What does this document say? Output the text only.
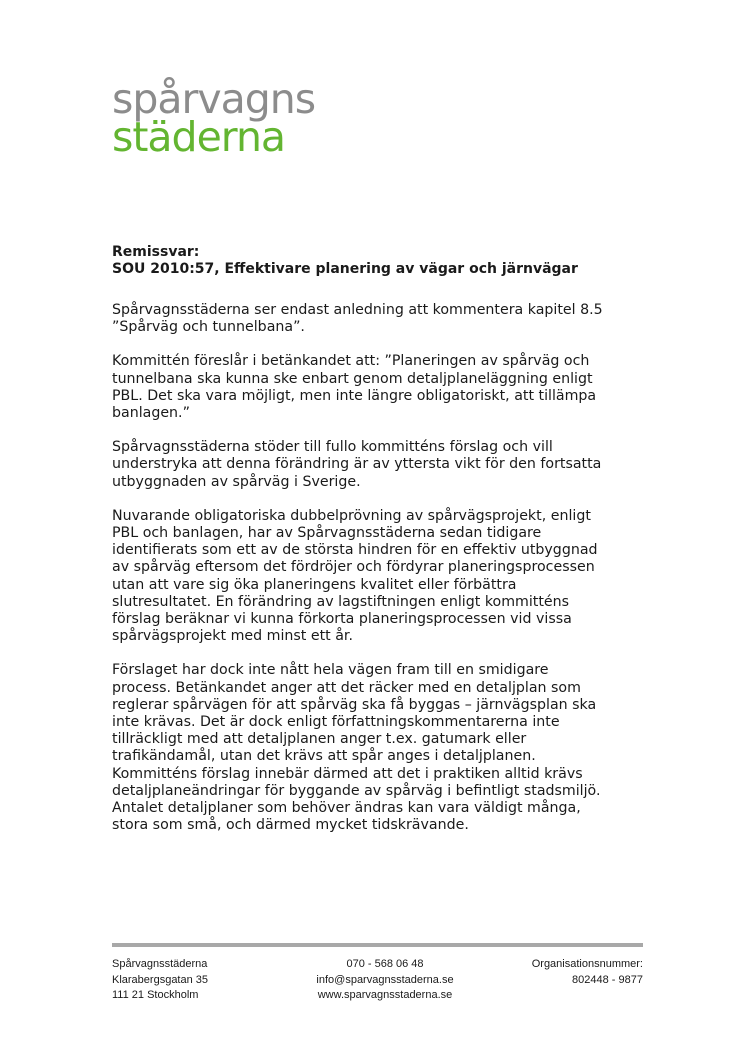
spårvagns
städerna
Remissvar:
SOU 2010:57, Effektivare planering av vägar och järnvägar

Spårvagnsstäderna ser endast anledning att kommentera kapitel 8.5
”Spårväg och tunnelbana”.

Kommittén föreslår i betänkandet att: ”Planeringen av spårväg och
tunnelbana ska kunna ske enbart genom detaljplaneläggning enligt
PBL. Det ska vara möjligt, men inte längre obligatoriskt, att tillämpa
banlagen.”

Spårvagnsstäderna stöder till fullo kommitténs förslag och vill
understryka att denna förändring är av yttersta vikt för den fortsatta
utbyggnaden av spårväg i Sverige.

Nuvarande obligatoriska dubbelprövning av spårvägsprojekt, enligt
PBL och banlagen, har av Spårvagnsstäderna sedan tidigare
identifierats som ett av de största hindren för en effektiv utbyggnad
av spårväg eftersom det fördröjer och fördyrar planeringsprocessen
utan att vare sig öka planeringens kvalitet eller förbättra
slutresultatet. En förändring av lagstiftningen enligt kommitténs
förslag beräknar vi kunna förkorta planeringsprocessen vid vissa
spårvägsprojekt med minst ett år.

Förslaget har dock inte nått hela vägen fram till en smidigare
process. Betänkandet anger att det räcker med en detaljplan som
reglerar spårvägen för att spårväg ska få byggas – järnvägsplan ska
inte krävas. Det är dock enligt författningskommentarerna inte
tillräckligt med att detaljplanen anger t.ex. gatumark eller
trafikändamål, utan det krävs att spår anges i detaljplanen.
Kommitténs förslag innebär därmed att det i praktiken alltid krävs
detaljplaneändringar för byggande av spårväg i befintligt stadsmiljö.
Antalet detaljplaner som behöver ändras kan vara väldigt många,
stora som små, och därmed mycket tidskrävande.

Spårvagnsstäderna
Klarabergsgatan 35
111 21 Stockholm
070 - 568 06 48
info@sparvagnsstaderna.se
www.sparvagnsstaderna.se
Organisationsnummer:
802448 - 9877
